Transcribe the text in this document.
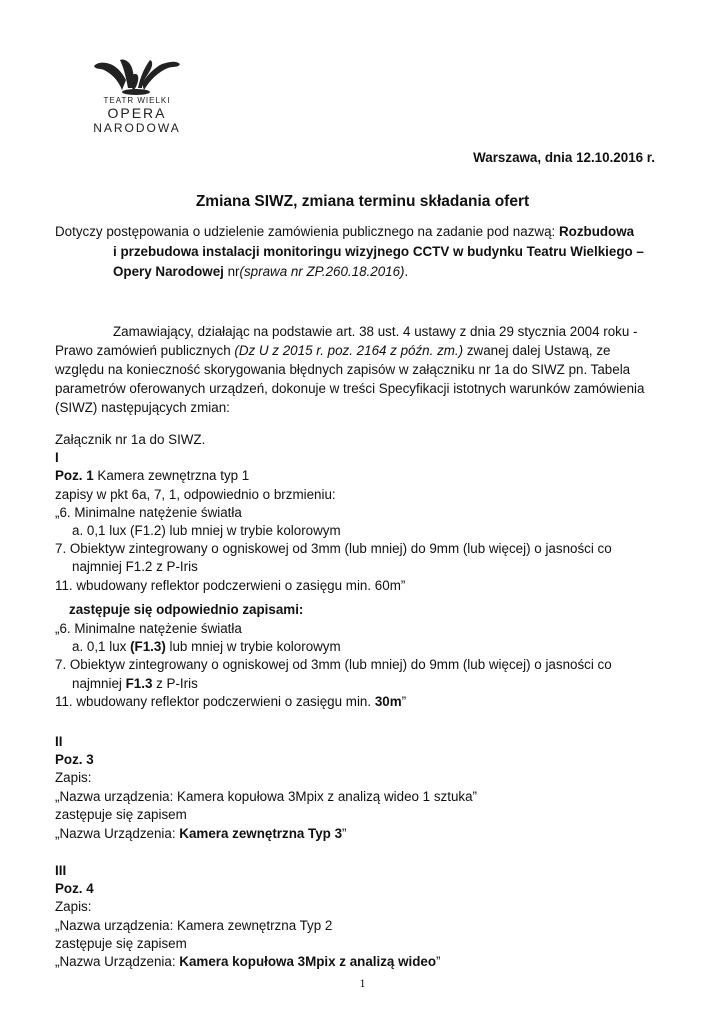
TEATR WIELKI
OPERA
NARODOWA
Warszawa, dnia 12.10.2016 r.
Zmiana SIWZ, zmiana terminu składania ofert
Dotyczy postępowania o udzielenie zamówienia publicznego na zadanie pod nazwą: Rozbudowa
i przebudowa instalacji monitoringu wizyjnego CCTV w budynku Teatru Wielkiego –
Opery Narodowej nr(sprawa nr ZP.260.18.2016).
Zamawiający, działając na podstawie art. 38 ust. 4 ustawy z dnia 29 stycznia 2004 roku -
Prawo zamówień publicznych (Dz U z 2015 r. poz. 2164 z późn. zm.) zwanej dalej Ustawą, ze
względu na konieczność skorygowania błędnych zapisów w załączniku nr 1a do SIWZ pn. Tabela
parametrów oferowanych urządzeń, dokonuje w treści Specyfikacji istotnych warunków zamówienia
(SIWZ) następujących zmian:
Załącznik nr 1a do SIWZ.
I
Poz. 1 Kamera zewnętrzna typ 1
zapisy w pkt 6a, 7, 1, odpowiednio o brzmieniu:
„6. Minimalne natężenie światła
a. 0,1 lux (F1.2) lub mniej w trybie kolorowym
7. Obiektyw zintegrowany o ogniskowej od 3mm (lub mniej) do 9mm (lub więcej) o jasności co
najmniej F1.2 z P-Iris
11. wbudowany reflektor podczerwieni o zasięgu min. 60m”
zastępuje się odpowiednio zapisami:
„6. Minimalne natężenie światła
a. 0,1 lux (F1.3) lub mniej w trybie kolorowym
7. Obiektyw zintegrowany o ogniskowej od 3mm (lub mniej) do 9mm (lub więcej) o jasności co
najmniej F1.3 z P-Iris
11. wbudowany reflektor podczerwieni o zasięgu min. 30m”
II
Poz. 3
Zapis:
„Nazwa urządzenia: Kamera kopułowa 3Mpix z analizą wideo 1 sztuka”
zastępuje się zapisem
„Nazwa Urządzenia: Kamera zewnętrzna Typ 3”
III
Poz. 4
Zapis:
„Nazwa urządzenia: Kamera zewnętrzna Typ 2
zastępuje się zapisem
„Nazwa Urządzenia: Kamera kopułowa 3Mpix z analizą wideo”
1
